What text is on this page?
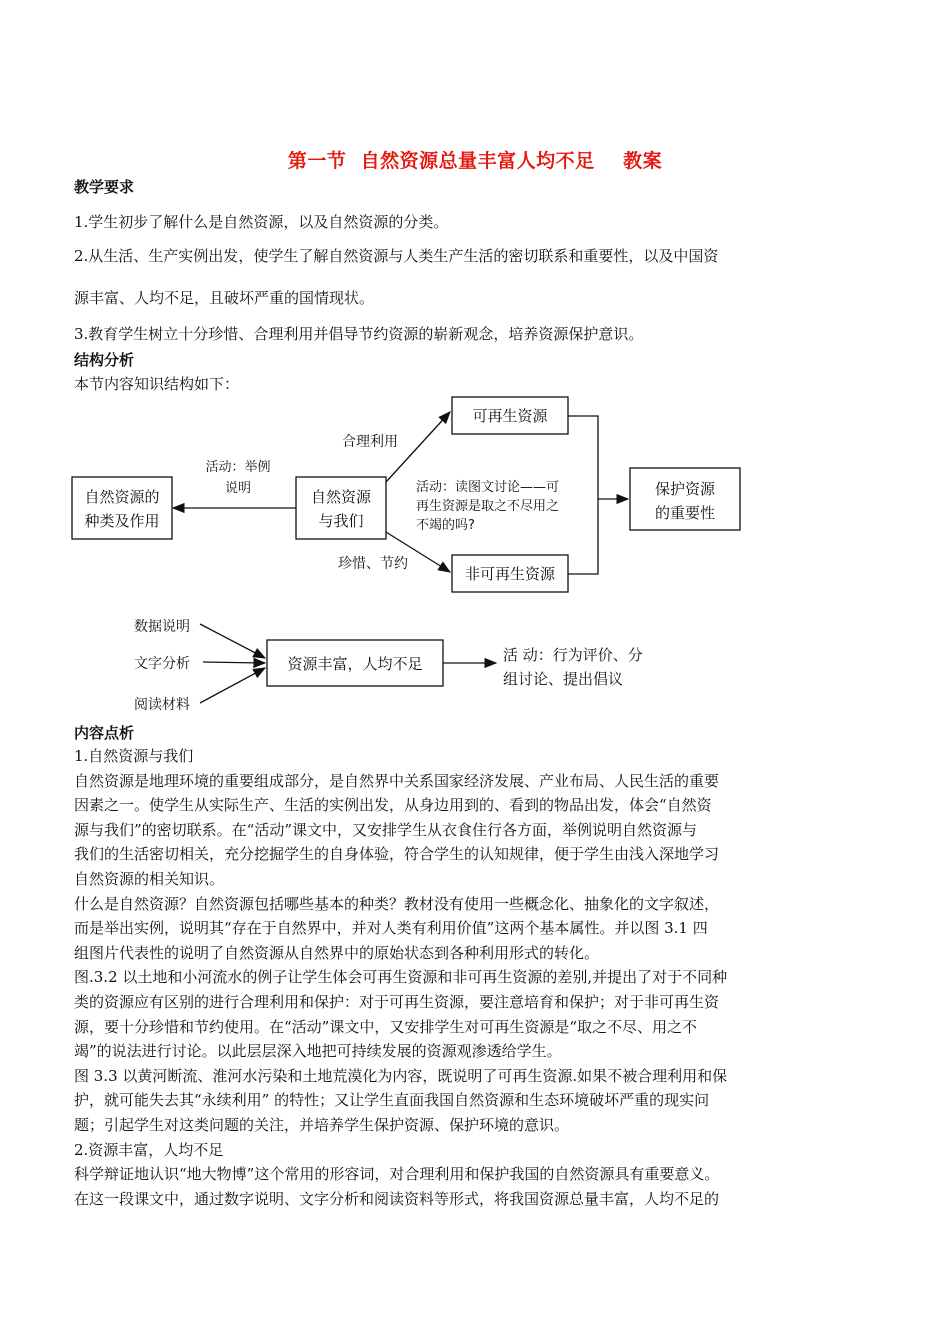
第一节  自然资源总量丰富人均不足    教案
教学要求
1.学生初步了解什么是自然资源，以及自然资源的分类。
2.从生活、生产实例出发，使学生了解自然资源与人类生产生活的密切联系和重要性，以及中国资
源丰富、人均不足，且破坏严重的国情现状。
3.教育学生树立十分珍惜、合理利用并倡导节约资源的崭新观念，培养资源保护意识。
结构分析
本节内容知识结构如下：
自然资源的
种类及作用
自然资源
与我们
可再生资源
非可再生资源
保护资源
的重要性
活动：举例
说明
合理利用
珍惜、节约
活动：读图文讨论——可
再生资源是取之不尽用之
不竭的吗?
数据说明
文字分析
阅读材料
资源丰富，人均不足	活 动：行为评价、分
组讨论、提出倡议
内容点析
1.自然资源与我们
自然资源是地理环境的重要组成部分，是自然界中关系国家经济发展、产业布局、人民生活的重要
因素之一。使学生从实际生产、生活的实例出发，从身边用到的、看到的物品出发，体会“自然资
源与我们”的密切联系。在“活动”课文中，又安排学生从衣食住行各方面，举例说明自然资源与
我们的生活密切相关，充分挖掘学生的自身体验，符合学生的认知规律，便于学生由浅入深地学习
自然资源的相关知识。
什么是自然资源？自然资源包括哪些基本的种类？教材没有使用一些概念化、抽象化的文字叙述，
而是举出实例，说明其“存在于自然界中，并对人类有利用价值”这两个基本属性。并以图 3.1 四
组图片代表性的说明了自然资源从自然界中的原始状态到各种利用形式的转化。
图.3.2 以土地和小河流水的例子让学生体会可再生资源和非可再生资源的差别,并提出了对于不同种
类的资源应有区别的进行合理利用和保护：对于可再生资源，要注意培育和保护；对于非可再生资
源，要十分珍惜和节约使用。在“活动”课文中，又安排学生对可再生资源是“取之不尽、用之不
竭”的说法进行讨论。以此层层深入地把可持续发展的资源观渗透给学生。
图 3.3 以黄河断流、淮河水污染和土地荒漠化为内容，既说明了可再生资源.如果不被合理利用和保
护，就可能失去其“永续利用” 的特性；又让学生直面我国自然资源和生态环境破坏严重的现实问
题；引起学生对这类问题的关注，并培养学生保护资源、保护环境的意识。
2.资源丰富，人均不足
科学辩证地认识“地大物博”这个常用的形容词，对合理利用和保护我国的自然资源具有重要意义。
在这一段课文中，通过数字说明、文字分析和阅读资料等形式，将我国资源总量丰富，人均不足的
